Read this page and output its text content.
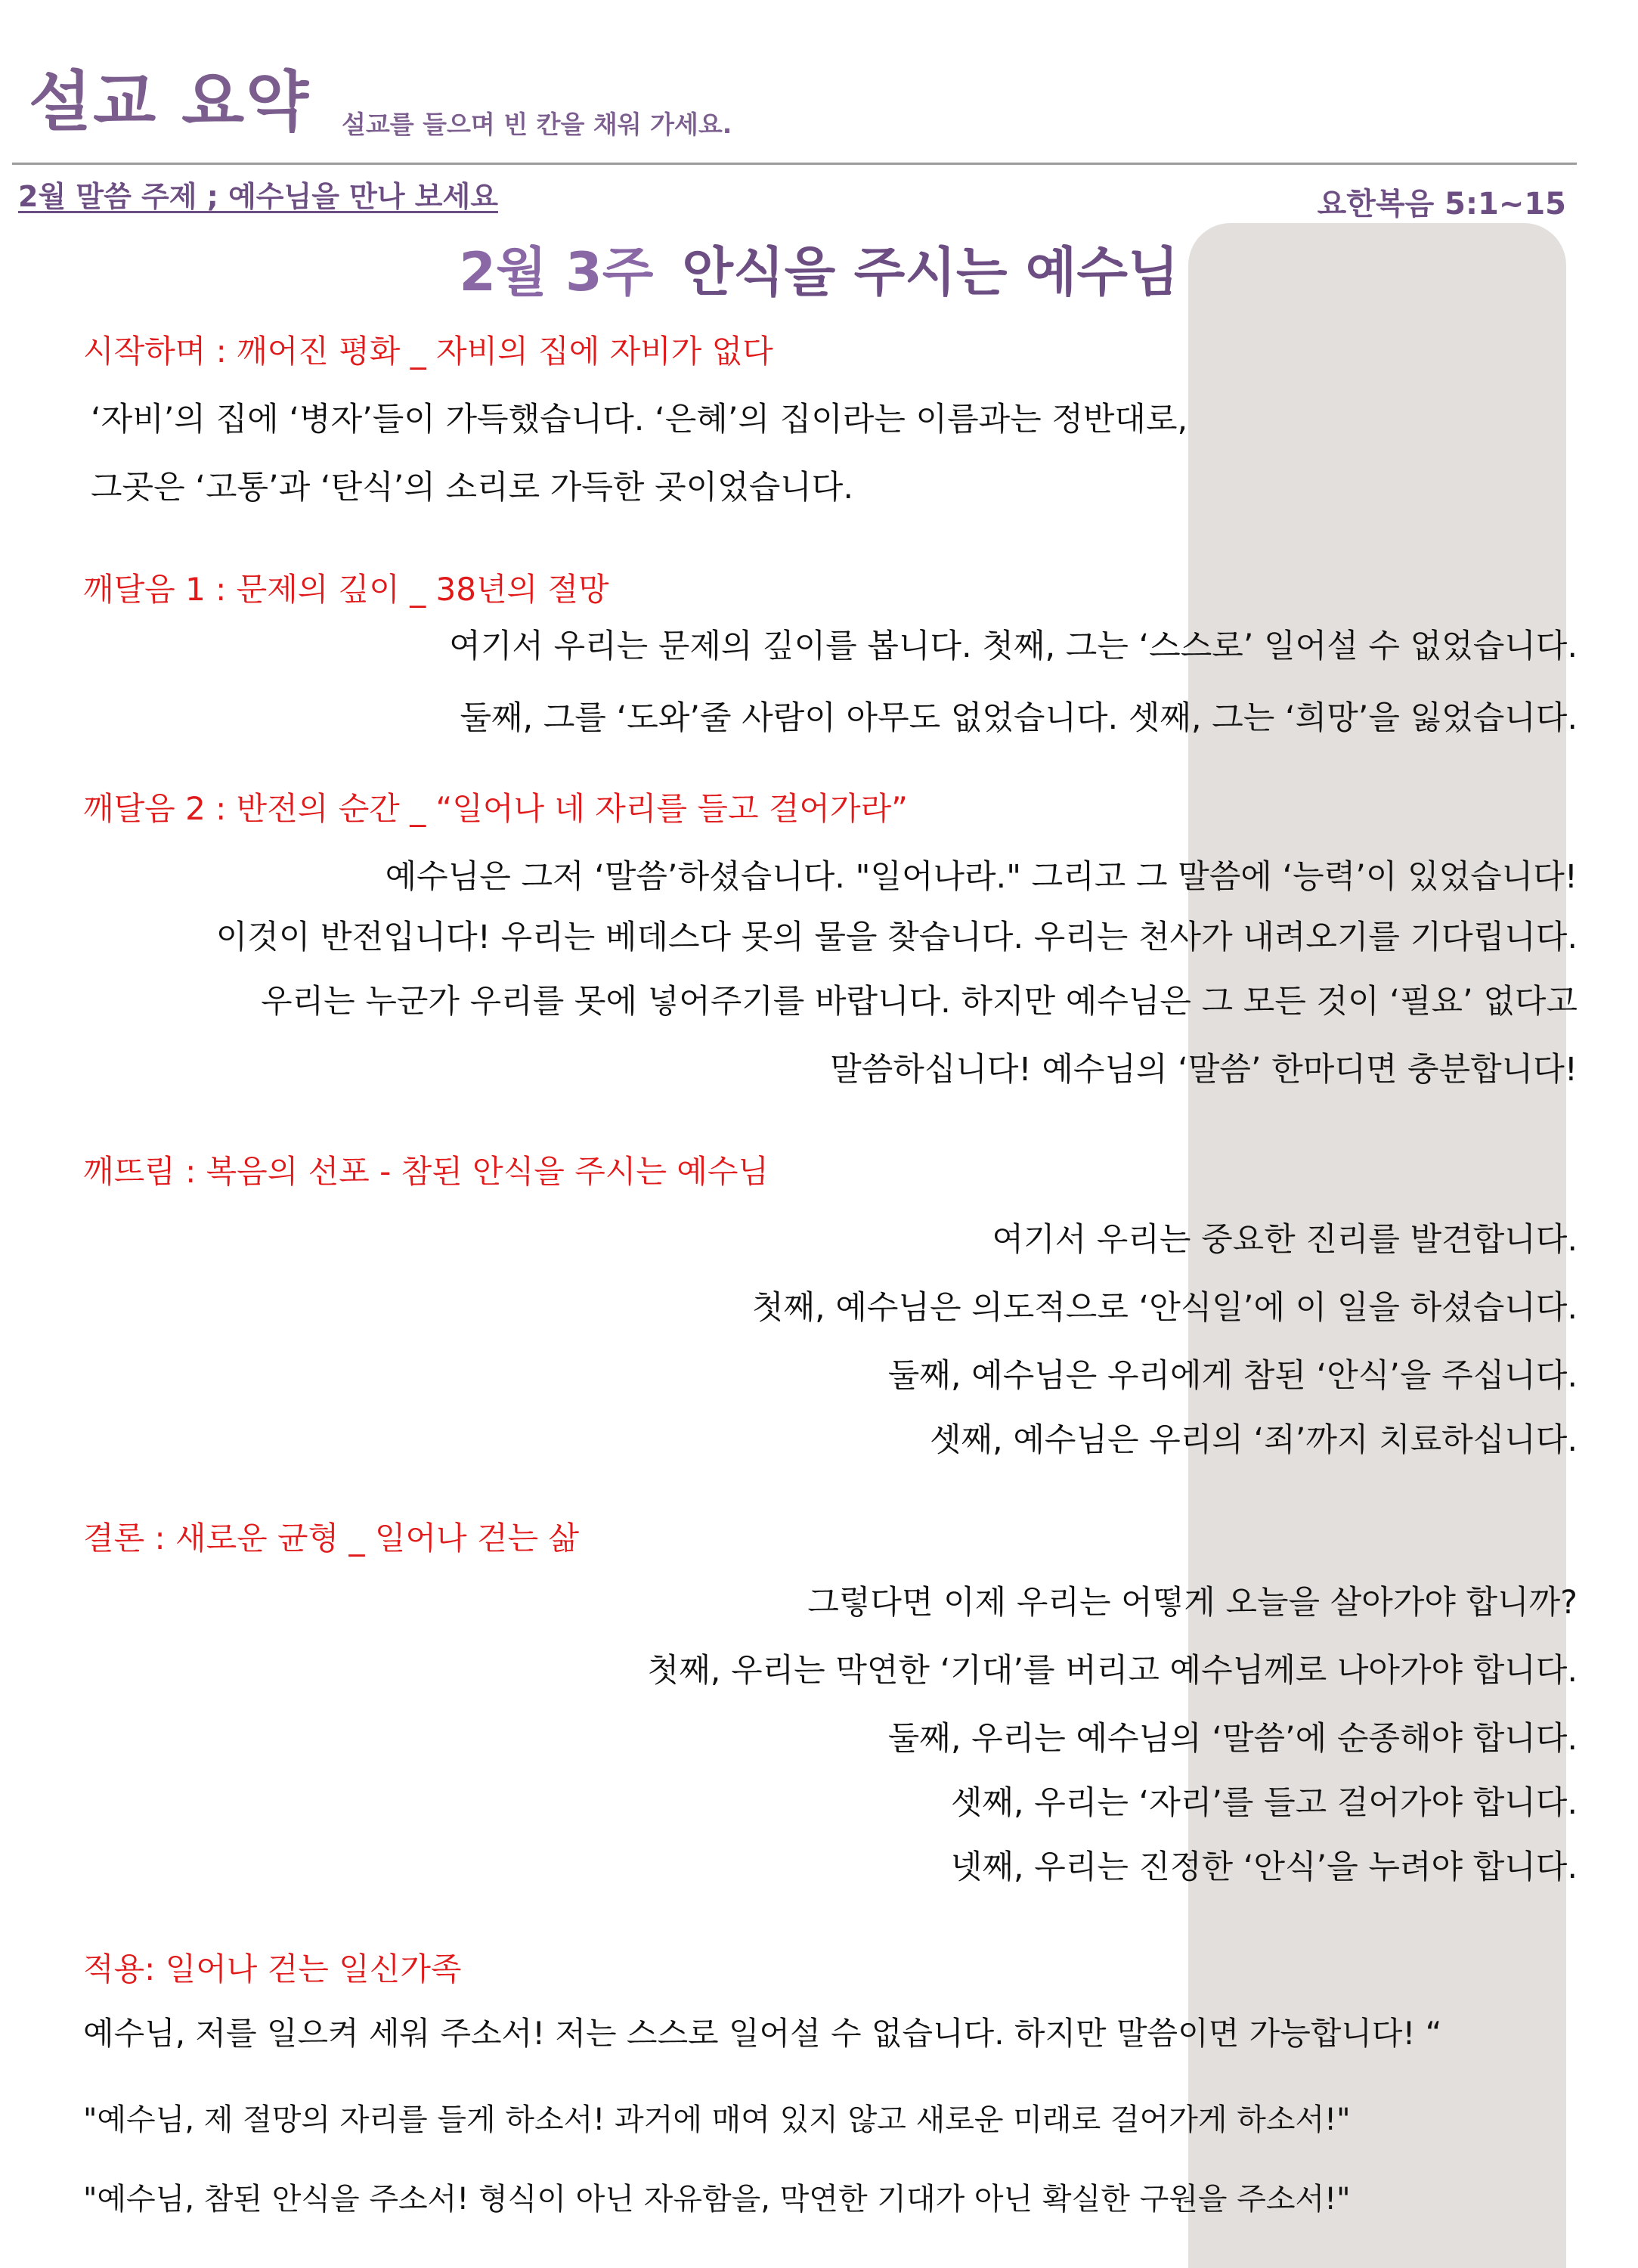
설교 요약 설교를 들으며 빈 칸을 채워 가세요.
2월 말씀 주제 ; 예수님을 만나 보세요	요한복음 5:1~15
2월 3주 안식을 주시는 예수님
시작하며 : 깨어진 평화 _ 자비의 집에 자비가 없다
‘자비’의 집에 ‘병자’들이 가득했습니다. ‘은혜’의 집이라는 이름과는 정반대로,
그곳은 ‘고통’과 ‘탄식’의 소리로 가득한 곳이었습니다.
깨달음 1 : 문제의 깊이 _ 38년의 절망
여기서 우리는 문제의 깊이를 봅니다. 첫째, 그는 ‘스스로’ 일어설 수 없었습니다.
둘째, 그를 ‘도와’줄 사람이 아무도 없었습니다. 셋째, 그는 ‘희망’을 잃었습니다.
깨달음 2 : 반전의 순간 _ “일어나 네 자리를 들고 걸어가라”
예수님은 그저 ‘말씀’하셨습니다. "일어나라." 그리고 그 말씀에 ‘능력’이 있었습니다!
이것이 반전입니다! 우리는 베데스다 못의 물을 찾습니다. 우리는 천사가 내려오기를 기다립니다.
우리는 누군가 우리를 못에 넣어주기를 바랍니다. 하지만 예수님은 그 모든 것이 ‘필요’ 없다고
말씀하십니다! 예수님의 ‘말씀’ 한마디면 충분합니다!
깨뜨림 : 복음의 선포 - 참된 안식을 주시는 예수님
여기서 우리는 중요한 진리를 발견합니다.
첫째, 예수님은 의도적으로 ‘안식일’에 이 일을 하셨습니다.
둘째, 예수님은 우리에게 참된 ‘안식’을 주십니다.
셋째, 예수님은 우리의 ‘죄’까지 치료하십니다.
결론 : 새로운 균형 _ 일어나 걷는 삶
그렇다면 이제 우리는 어떻게 오늘을 살아가야 합니까?
첫째, 우리는 막연한 ‘기대’를 버리고 예수님께로 나아가야 합니다.
둘째, 우리는 예수님의 ‘말씀’에 순종해야 합니다.
셋째, 우리는 ‘자리’를 들고 걸어가야 합니다.
넷째, 우리는 진정한 ‘안식’을 누려야 합니다.
적용: 일어나 걷는 일신가족
예수님, 저를 일으켜 세워 주소서! 저는 스스로 일어설 수 없습니다. 하지만 말씀이면 가능합니다! “
"예수님, 제 절망의 자리를 들게 하소서! 과거에 매여 있지 않고 새로운 미래로 걸어가게 하소서!"
"예수님, 참된 안식을 주소서! 형식이 아닌 자유함을, 막연한 기대가 아닌 확실한 구원을 주소서!"
